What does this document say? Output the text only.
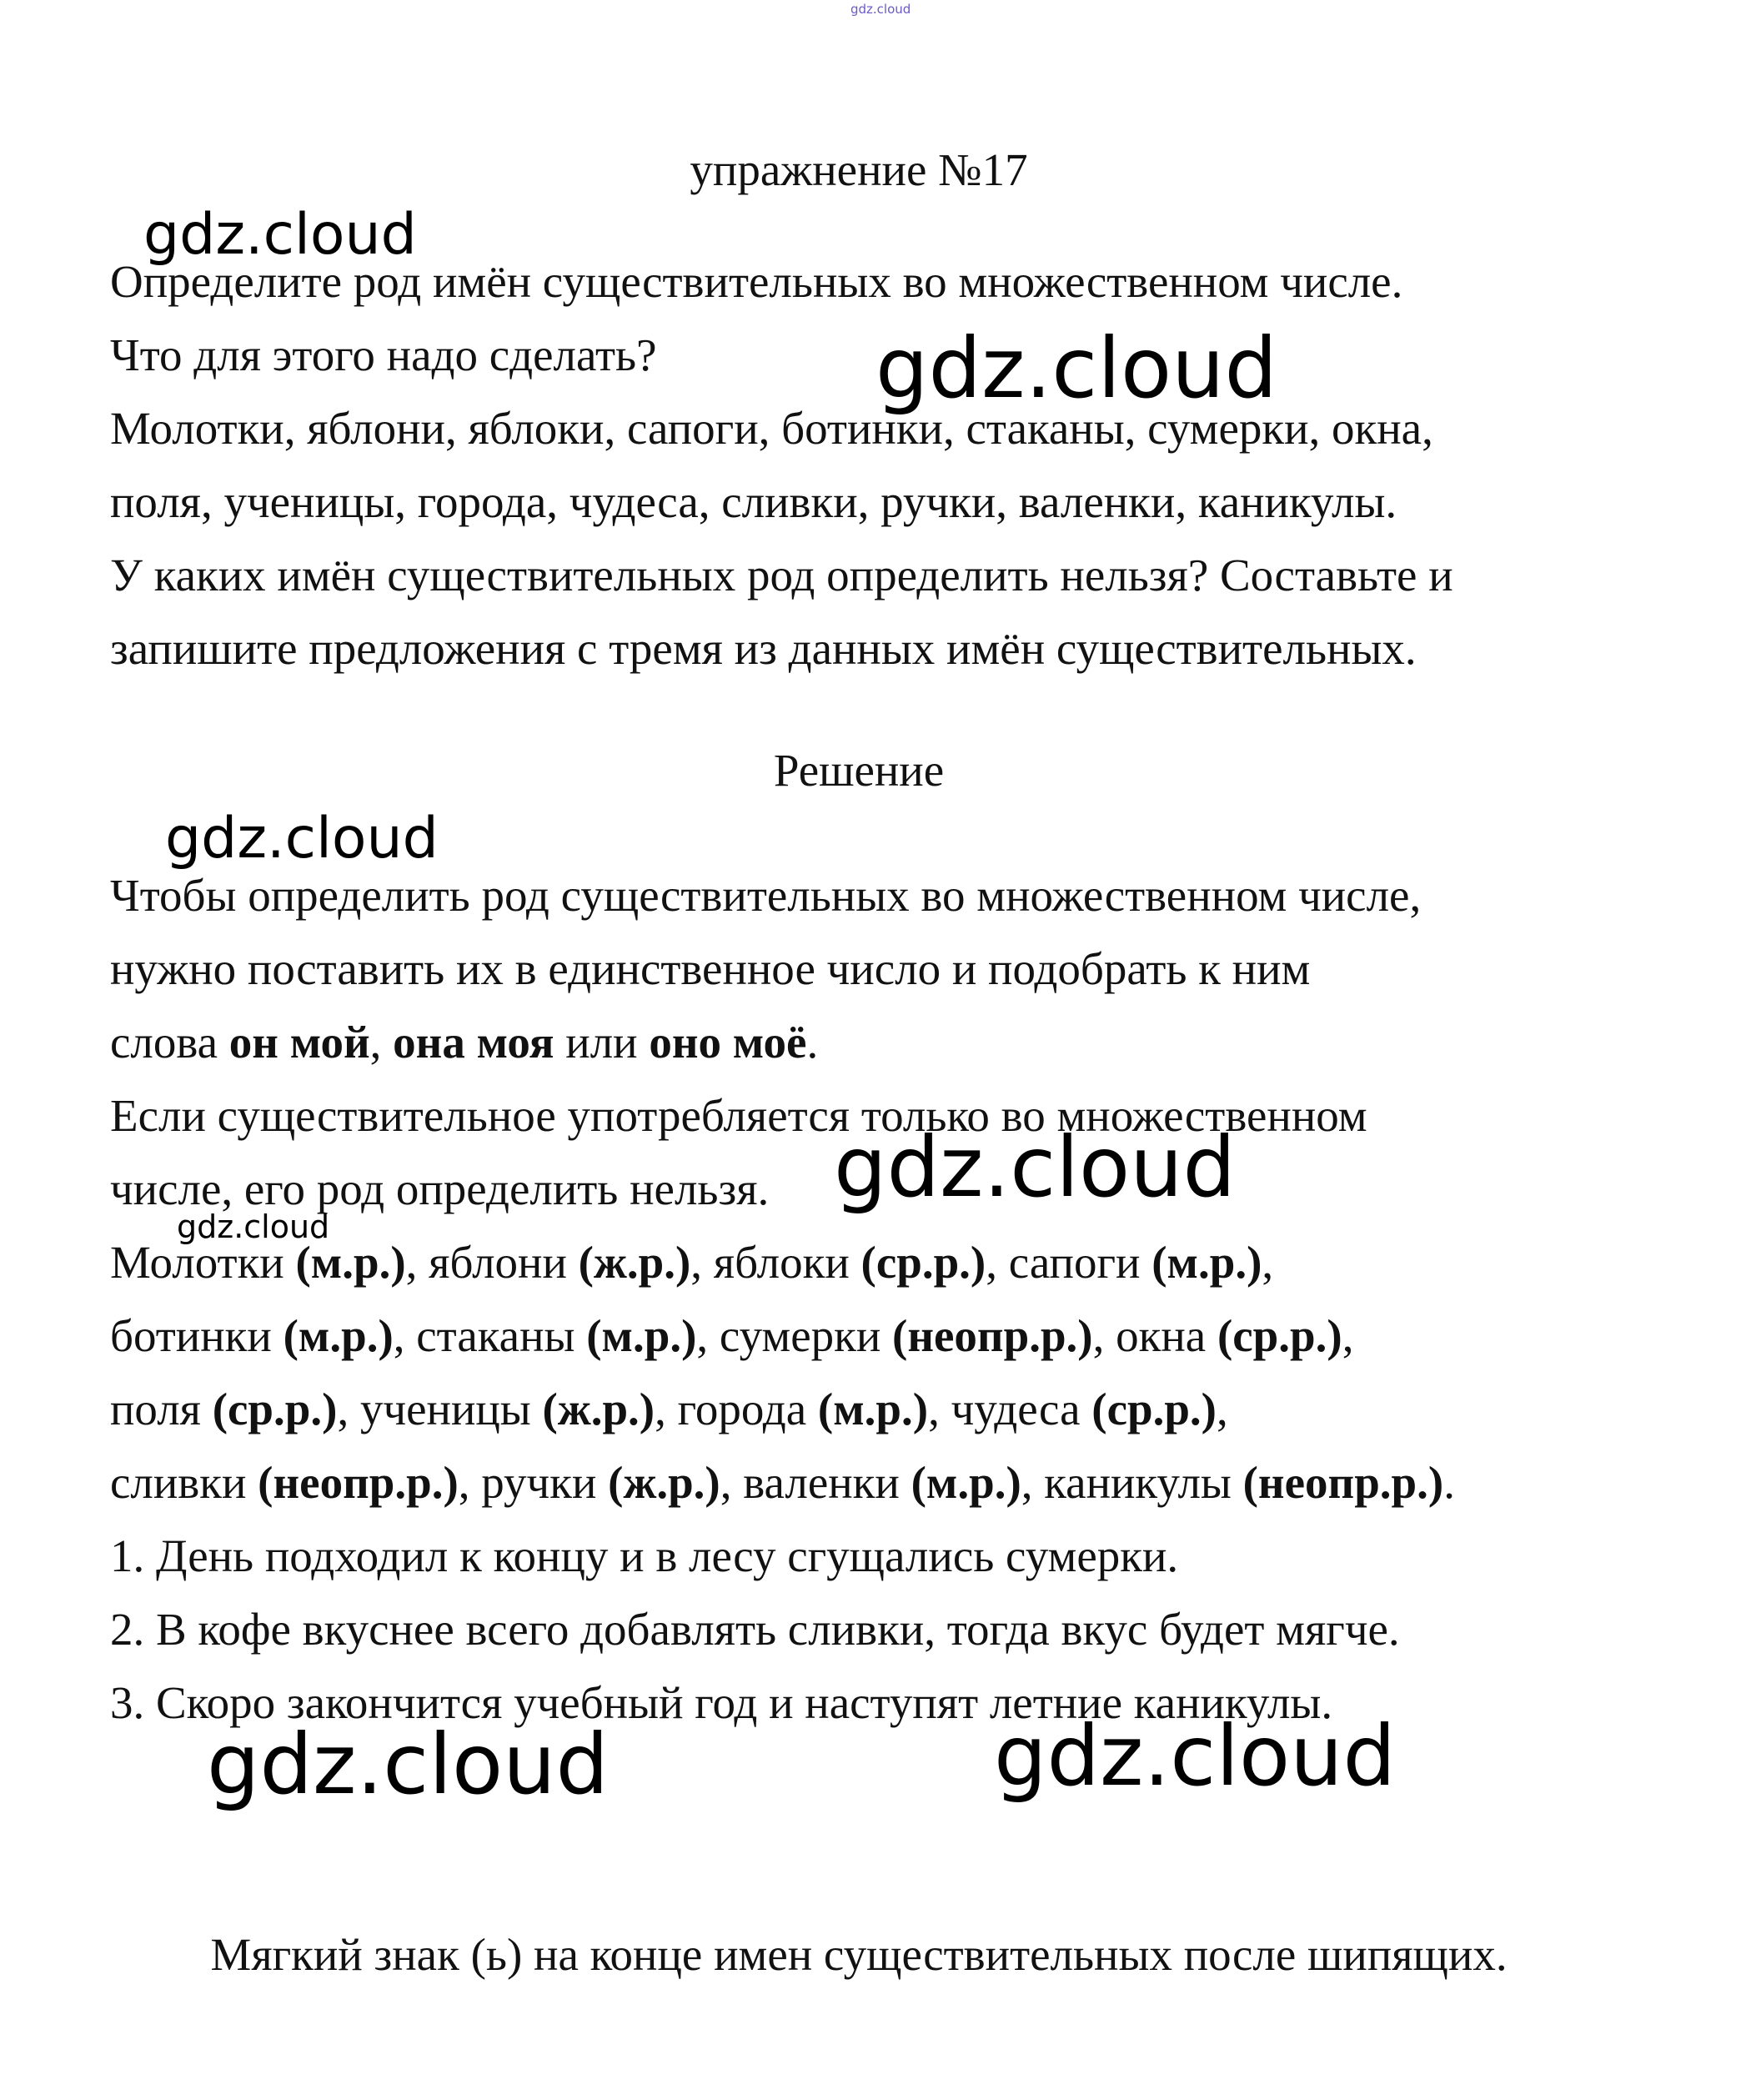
gdz.cloud
упражнение №17
Определите род имён существительных во множественном числе.
Что для этого надо сделать?
Молотки, яблони, яблоки, сапоги, ботинки, стаканы, сумерки, окна,
поля, ученицы, города, чудеса, сливки, ручки, валенки, каникулы.
У каких имён существительных род определить нельзя? Составьте и
запишите предложения с тремя из данных имён существительных.
Решение
Чтобы определить род существительных во множественном числе,
нужно поставить их в единственное число и подобрать к ним
слова он мой, она моя или оно моё.
Если существительное употребляется только во множественном
числе, его род определить нельзя.
Молотки (м.р.), яблони (ж.р.), яблоки (ср.р.), сапоги (м.р.),
ботинки (м.р.), стаканы (м.р.), сумерки (неопр.р.), окна (ср.р.),
поля (ср.р.), ученицы (ж.р.), города (м.р.), чудеса (ср.р.),
сливки (неопр.р.), ручки (ж.р.), валенки (м.р.), каникулы (неопр.р.).
1. День подходил к концу и в лесу сгущались сумерки.
2. В кофе вкуснее всего добавлять сливки, тогда вкус будет мягче.
3. Скоро закончится учебный год и наступят летние каникулы.
Мягкий знак (ь) на конце имен существительных после шипящих.
gdz.cloud
gdz.cloud
gdz.cloud
gdz.cloud
gdz.cloud
gdz.cloud	gdz.cloud
